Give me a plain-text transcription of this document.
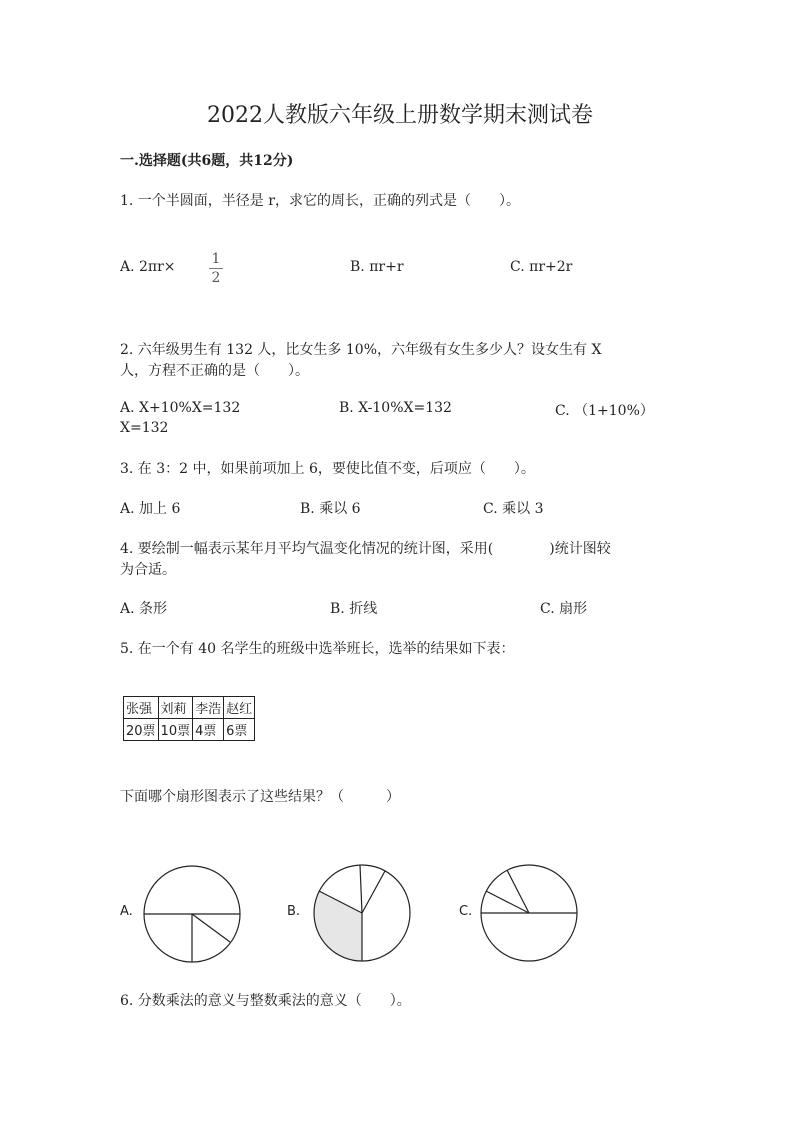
2022人教版六年级上册数学期末测试卷
一.选择题(共6题，共12分)
1. 一个半圆面，半径是 r，求它的周长，正确的列式是（　　）。
A. 2πr×	1
2
B. πr+r	C. πr+2r
2. 六年级男生有 132 人，比女生多 10%，六年级有女生多少人？设女生有 X
人，方程不正确的是（　　）。
A. X+10%X=132	B. X-10%X=132	C. （1+10%）
X=132
3. 在 3：2 中，如果前项加上 6，要使比值不变，后项应（　　）。
A. 加上 6	B. 乘以 6	C. 乘以 3
4. 要绘制一幅表示某年月平均气温变化情况的统计图，采用(　　　　)统计图较
为合适。
A. 条形	B. 折线	C. 扇形
5. 在一个有 40 名学生的班级中选举班长，选举的结果如下表：
张强	刘莉	李浩	赵红
20票	10票	4票	6票
下面哪个扇形图表示了这些结果？（　　　）
A.	B.	C.
6. 分数乘法的意义与整数乘法的意义（　　）。
